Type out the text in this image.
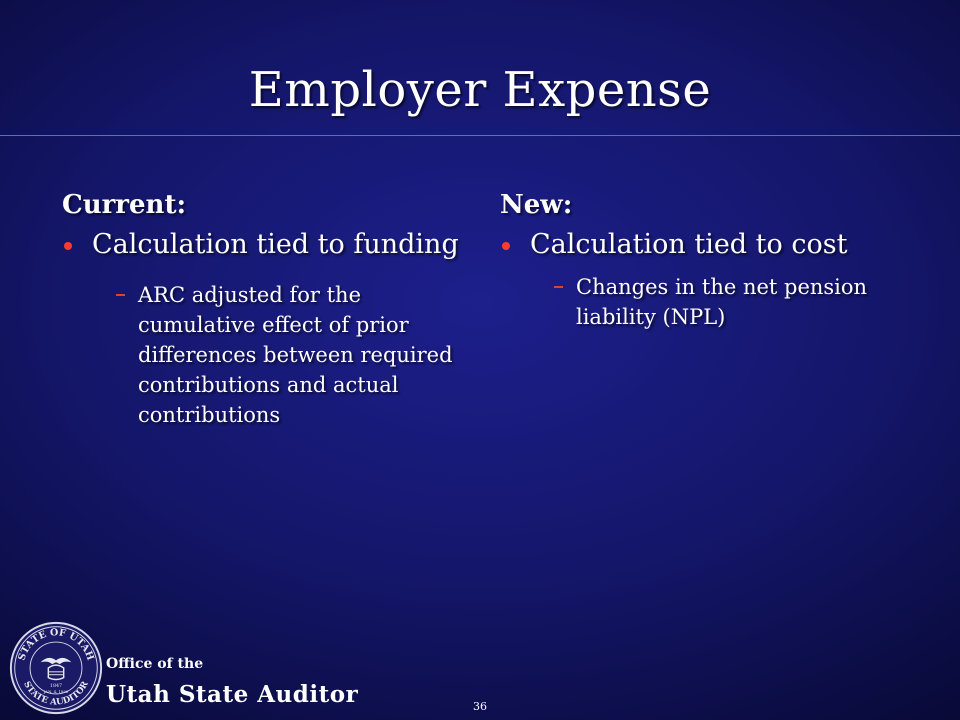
Employer Expense
Current:
Calculation tied to funding
ARC adjusted for the cumulative effect of prior differences between required contributions and actual contributions
New:
Calculation tied to cost
Changes in the net pension liability (NPL)
STATE OF UTAH
STATE AUDITOR
1847
JAN. 4, 1896
Office of the
Utah State Auditor	36
